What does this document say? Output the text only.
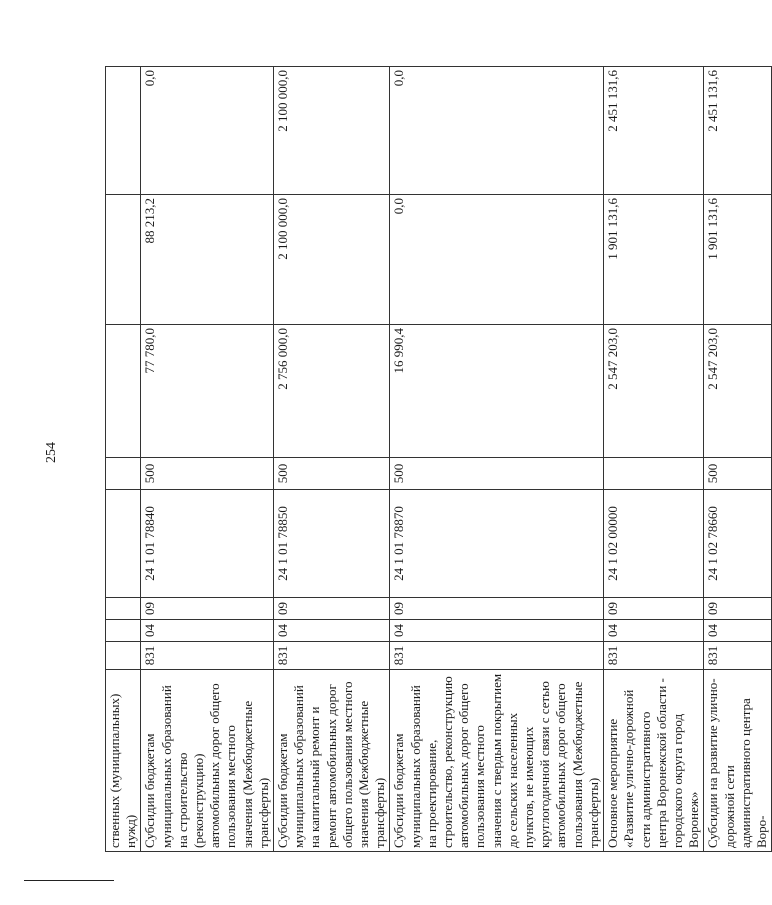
254
ственных (муниципальных) нужд)								
Субсидии бюджетам муниципальных образований на строительство (реконструкцию) автомобильных дорог общего пользования местного значения (Межбюджетные трансферты)	831	04	09	24 1 01 78840	500	77 780,0	88 213,2	0,0
Субсидии бюджетам муниципальных образований на капитальный ремонт и ремонт автомобильных дорог общего пользования местного значения (Межбюджетные трансферты)	831	04	09	24 1 01 78850	500	2 756 000,0	2 100 000,0	2 100 000,0
Субсидии бюджетам муниципальных образований на проектирование, строительство, реконструкцию автомобильных дорог общего пользования местного значения с твердым покрытием до сельских населенных пунктов, не имеющих круглогодичной связи с сетью автомобильных дорог общего пользования (Межбюджетные трансферты)	831	04	09	24 1 01 78870	500	16 990,4	0,0	0,0
Основное мероприятие «Развитие улично-дорожной сети административного центра Воронежской области - городского округа город Воронеж»	831	04	09	24 1 02 00000		2 547 203,0	1 901 131,6	2 451 131,6
Субсидии на развитие улично-дорожной сети административного центра Воро-	831	04	09	24 1 02 78660	500	2 547 203,0	1 901 131,6	2 451 131,6
